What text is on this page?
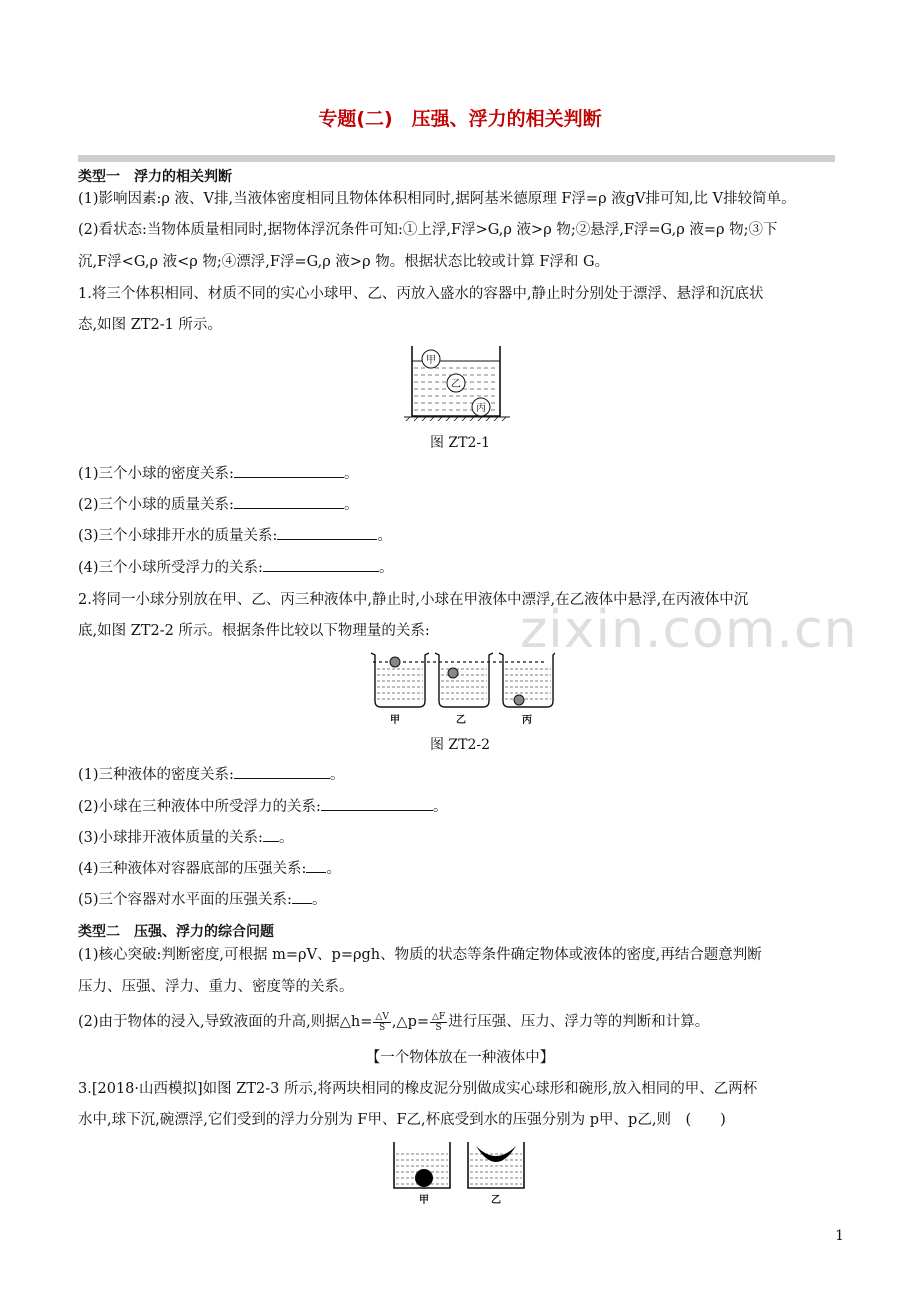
专题(二)　压强、浮力的相关判断
类型一　浮力的相关判断
(1)影响因素:ρ 液、V排,当液体密度相同且物体体积相同时,据阿基米德原理 F浮=ρ 液gV排可知,比 V排较简单。
(2)看状态:当物体质量相同时,据物体浮沉条件可知:①上浮,F浮>G,ρ 液>ρ 物;②悬浮,F浮=G,ρ 液=ρ 物;③下
沉,F浮<G,ρ 液<ρ 物;④漂浮,F浮=G,ρ 液>ρ 物。根据状态比较或计算 F浮和 G。
1.将三个体积相同、材质不同的实心小球甲、乙、丙放入盛水的容器中,静止时分别处于漂浮、悬浮和沉底状
态,如图 ZT2-1 所示。
甲
乙
丙
图 ZT2-1
(1)三个小球的密度关系:	。
(2)三个小球的质量关系:	。
(3)三个小球排开水的质量关系:	。
(4)三个小球所受浮力的关系:	。
2.将同一小球分别放在甲、乙、丙三种液体中,静止时,小球在甲液体中漂浮,在乙液体中悬浮,在丙液体中沉
底,如图 ZT2-2 所示。根据条件比较以下物理量的关系:	zixin.com.cn
甲	乙	丙
图 ZT2-2
(1)三种液体的密度关系:	。
(2)小球在三种液体中所受浮力的关系:	。
(3)小球排开液体质量的关系: 。
(4)三种液体对容器底部的压强关系: 。
(5)三个容器对水平面的压强关系: 。
类型二　压强、浮力的综合问题
(1)核心突破:判断密度,可根据 m=ρV、p=ρgh、物质的状态等条件确定物体或液体的密度,再结合题意判断
压力、压强、浮力、重力、密度等的关系。
(2)由于物体的浸入,导致液面的升高,则据△h= $\frac{\triangle V}{S}$ ,△p= $\frac{\triangle F}{S}$ 进行压强、压力、浮力等的判断和计算。
【一个物体放在一种液体中】
3.[2018·山西模拟]如图 ZT2-3 所示,将两块相同的橡皮泥分别做成实心球形和碗形,放入相同的甲、乙两杯
水中,球下沉,碗漂浮,它们受到的浮力分别为 F甲、F乙,杯底受到水的压强分别为 p甲、p乙,则　(　　)
甲	乙
1
